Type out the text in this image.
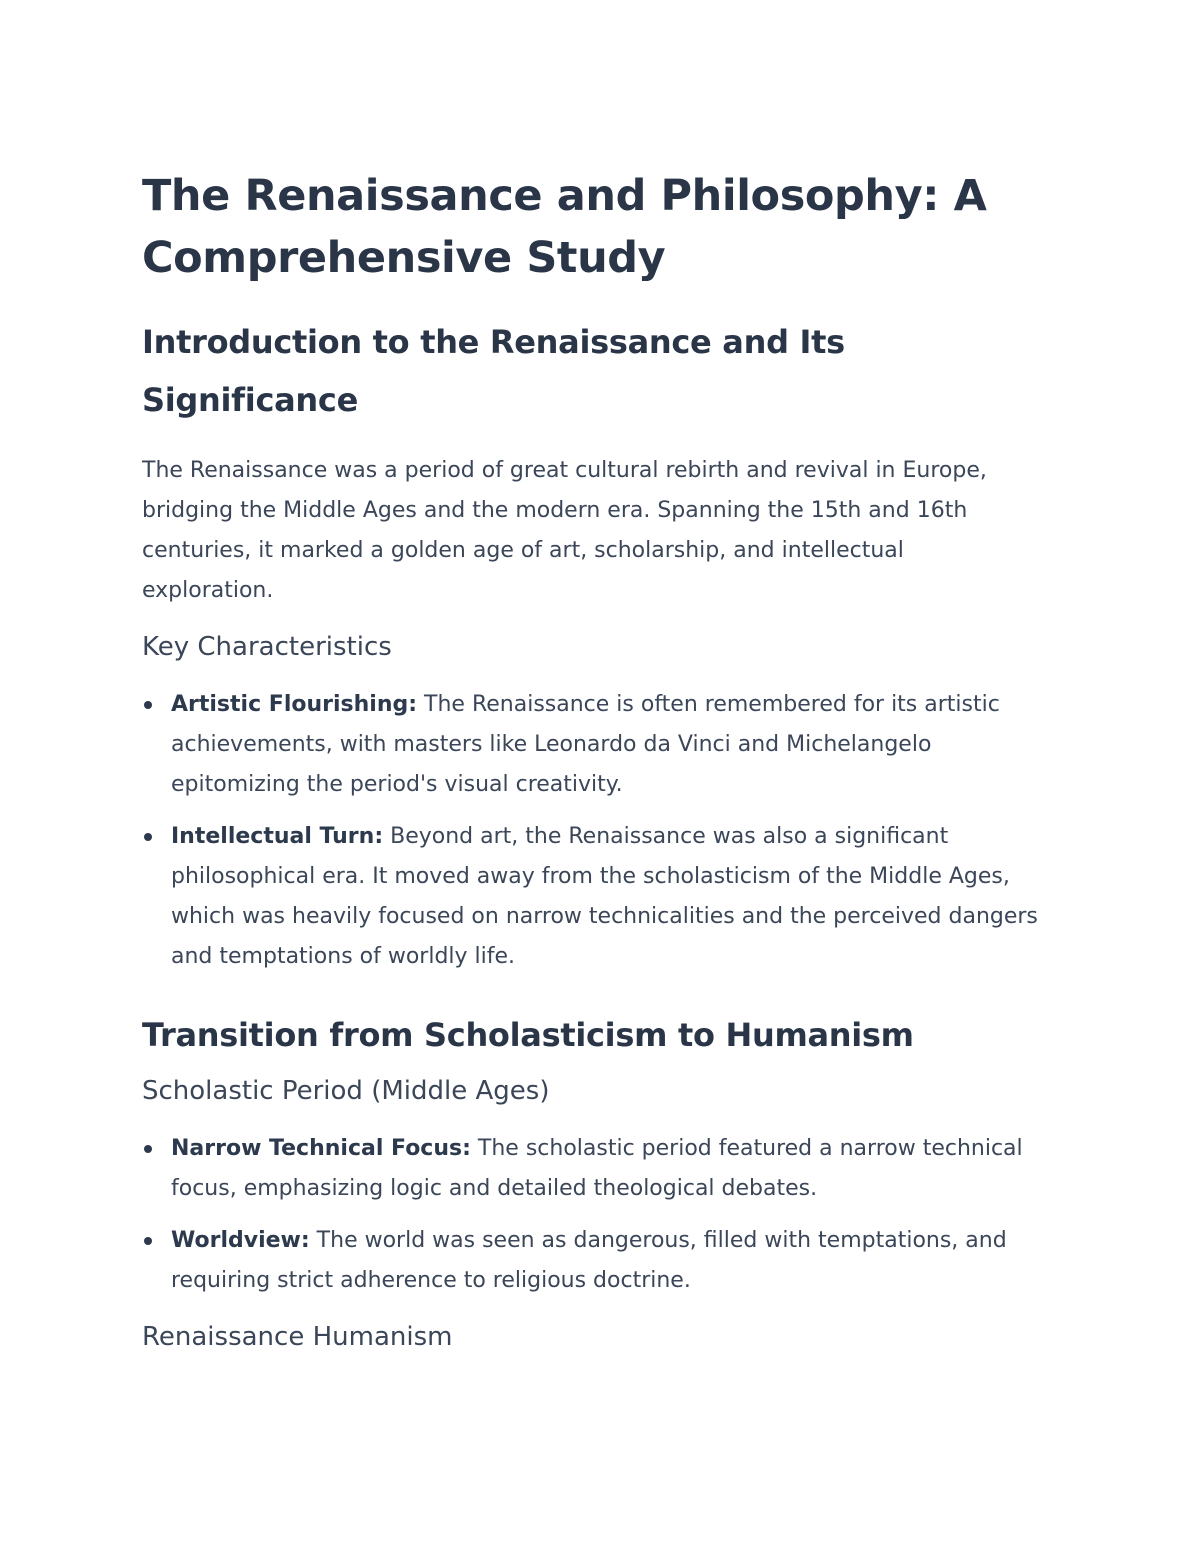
The Renaissance and Philosophy: A Comprehensive Study
Introduction to the Renaissance and Its Significance

The Renaissance was a period of great cultural rebirth and revival in Europe, bridging the Middle Ages and the modern era. Spanning the 15th and 16th centuries, it marked a golden age of art, scholarship, and intellectual exploration.

Key Characteristics
Artistic Flourishing: The Renaissance is often remembered for its artistic achievements, with masters like Leonardo da Vinci and Michelangelo epitomizing the period's visual creativity.
Intellectual Turn: Beyond art, the Renaissance was also a significant philosophical era. It moved away from the scholasticism of the Middle Ages, which was heavily focused on narrow technicalities and the perceived dangers and temptations of worldly life.
Transition from Scholasticism to Humanism
Scholastic Period (Middle Ages)
Narrow Technical Focus: The scholastic period featured a narrow technical focus, emphasizing logic and detailed theological debates.
Worldview: The world was seen as dangerous, filled with temptations, and requiring strict adherence to religious doctrine.
Renaissance Humanism
